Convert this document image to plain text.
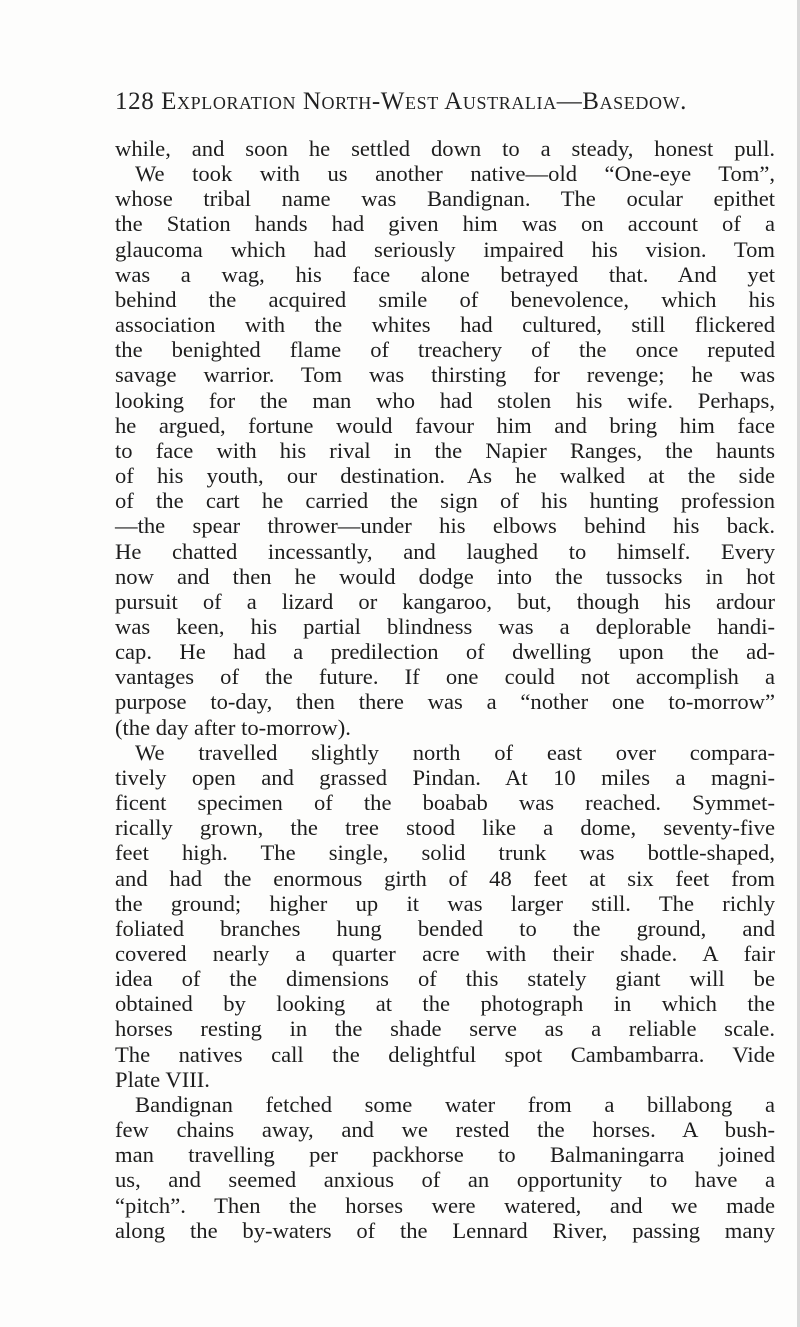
128 Exploration North-West Australia—Basedow.
while, and soon he settled down to a steady, honest pull.
We took with us another native—old “One-eye Tom”,
whose tribal name was Bandignan. The ocular epithet
the Station hands had given him was on account of a
glaucoma which had seriously impaired his vision. Tom
was a wag, his face alone betrayed that. And yet
behind the acquired smile of benevolence, which his
association with the whites had cultured, still flickered
the benighted flame of treachery of the once reputed
savage warrior. Tom was thirsting for revenge; he was
looking for the man who had stolen his wife. Perhaps,
he argued, fortune would favour him and bring him face
to face with his rival in the Napier Ranges, the haunts
of his youth, our destination. As he walked at the side
of the cart he carried the sign of his hunting profession
—the spear thrower—under his elbows behind his back.
He chatted incessantly, and laughed to himself. Every
now and then he would dodge into the tussocks in hot
pursuit of a lizard or kangaroo, but, though his ardour
was keen, his partial blindness was a deplorable handi-
cap. He had a predilection of dwelling upon the ad-
vantages of the future. If one could not accomplish a
purpose to-day, then there was a “nother one to-morrow”
(the day after to-morrow).
We travelled slightly north of east over compara-
tively open and grassed Pindan. At 10 miles a magni-
ficent specimen of the boabab was reached. Symmet-
rically grown, the tree stood like a dome, seventy-five
feet high. The single, solid trunk was bottle-shaped,
and had the enormous girth of 48 feet at six feet from
the ground; higher up it was larger still. The richly
foliated branches hung bended to the ground, and
covered nearly a quarter acre with their shade. A fair
idea of the dimensions of this stately giant will be
obtained by looking at the photograph in which the
horses resting in the shade serve as a reliable scale.
The natives call the delightful spot Cambambarra. Vide
Plate VIII.
Bandignan fetched some water from a billabong a
few chains away, and we rested the horses. A bush-
man travelling per packhorse to Balmaningarra joined
us, and seemed anxious of an opportunity to have a
“pitch”. Then the horses were watered, and we made
along the by-waters of the Lennard River, passing many
